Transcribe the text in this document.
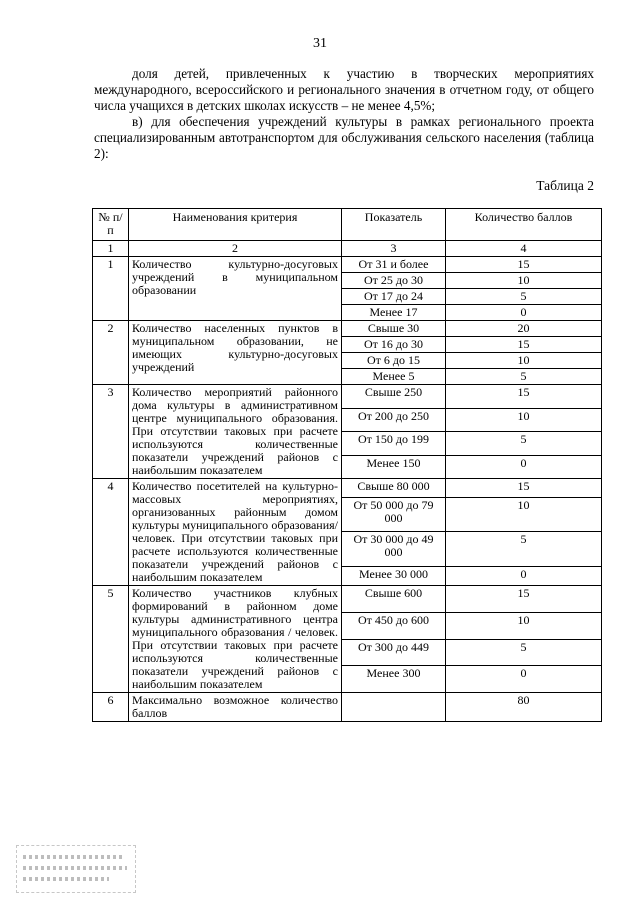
31
доля детей, привлеченных к участию в творческих мероприятиях международного, всероссийского и регионального значения в отчетном году, от общего числа учащихся в детских школах искусств – не менее 4,5%;
в) для обеспечения учреждений культуры в рамках регионального проекта специализированным автотранспортом для обслуживания сельского населения (таблица 2):
Таблица 2
№ п/п	Наименования критерия	Показатель	Количество баллов
1	2	3	4
1	Количество культурно-досуговых учреждений в муниципальном образовании	От 31 и более	15
		От 25 до 30	10
		От 17 до 24	5
		Менее 17	0
2	Количество населенных пунктов в муниципальном образовании, не имеющих культурно-досуговых учреждений	Свыше 30	20
		От 16 до 30	15
		От 6 до 15	10
		Менее 5	5
3	Количество мероприятий районного дома культуры в административном центре муниципального образования. При отсутствии таковых при расчете используются количественные показатели учреждений районов с наибольшим показателем	Свыше 250	15
		От 200 до 250	10
		От 150 до 199	5
		Менее 150	0
4	Количество посетителей на культурно-массовых мероприятиях, организованных районным домом культуры муниципального образования/ человек. При отсутствии таковых при расчете используются количественные показатели учреждений районов с наибольшим показателем	Свыше 80 000	15
		От 50 000 до 79 000	10
		От 30 000 до 49 000	5
		Менее 30 000	0
5	Количество участников клубных формирований в районном доме культуры административного центра муниципального образования / человек. При отсутствии таковых при расчете используются количественные показатели учреждений районов с наибольшим показателем	Свыше 600	15
		От 450 до 600	10
		От 300 до 449	5
		Менее 300	0
6	Максимально возможное количество баллов		80
